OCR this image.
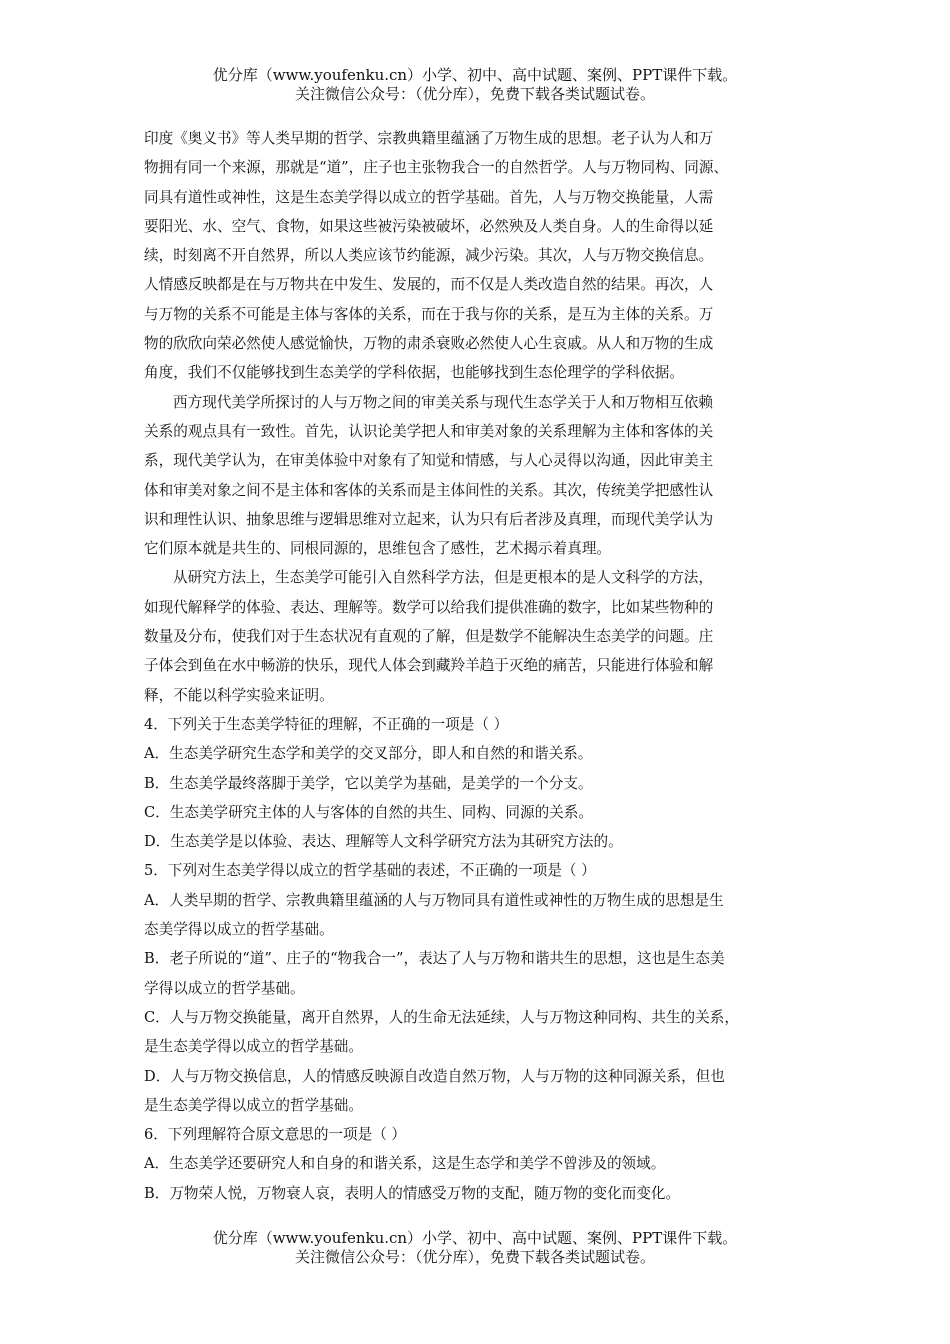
优分库（www.youfenku.cn）小学、初中、高中试题、案例、PPT课件下载。
关注微信公众号：（优分库），免费下载各类试题试卷。

印度《奥义书》等人类早期的哲学、宗教典籍里蕴涵了万物生成的思想。老子认为人和万
物拥有同一个来源，那就是“道”，庄子也主张物我合一的自然哲学。人与万物同构、同源、
同具有道性或神性，这是生态美学得以成立的哲学基础。首先，人与万物交换能量，人需
要阳光、水、空气、食物，如果这些被污染被破坏，必然殃及人类自身。人的生命得以延
续，时刻离不开自然界，所以人类应该节约能源，减少污染。其次，人与万物交换信息。
人情感反映都是在与万物共在中发生、发展的，而不仅是人类改造自然的结果。再次，人
与万物的关系不可能是主体与客体的关系，而在于我与你的关系，是互为主体的关系。万
物的欣欣向荣必然使人感觉愉快，万物的肃杀衰败必然使人心生哀戚。从人和万物的生成
角度，我们不仅能够找到生态美学的学科依据，也能够找到生态伦理学的学科依据。

西方现代美学所探讨的人与万物之间的审美关系与现代生态学关于人和万物相互依赖
关系的观点具有一致性。首先，认识论美学把人和审美对象的关系理解为主体和客体的关
系，现代美学认为，在审美体验中对象有了知觉和情感，与人心灵得以沟通，因此审美主
体和审美对象之间不是主体和客体的关系而是主体间性的关系。其次，传统美学把感性认
识和理性认识、抽象思维与逻辑思维对立起来，认为只有后者涉及真理，而现代美学认为
它们原本就是共生的、同根同源的，思维包含了感性，艺术揭示着真理。

从研究方法上，生态美学可能引入自然科学方法，但是更根本的是人文科学的方法，
如现代解释学的体验、表达、理解等。数学可以给我们提供准确的数字，比如某些物种的
数量及分布，使我们对于生态状况有直观的了解，但是数学不能解决生态美学的问题。庄
子体会到鱼在水中畅游的快乐，现代人体会到藏羚羊趋于灭绝的痛苦，只能进行体验和解
释，不能以科学实验来证明。

4．下列关于生态美学特征的理解，不正确的一项是（ ）
A．生态美学研究生态学和美学的交叉部分，即人和自然的和谐关系。
B．生态美学最终落脚于美学，它以美学为基础，是美学的一个分支。
C．生态美学研究主体的人与客体的自然的共生、同构、同源的关系。
D．生态美学是以体验、表达、理解等人文科学研究方法为其研究方法的。

5．下列对生态美学得以成立的哲学基础的表述，不正确的一项是（ ）
A．人类早期的哲学、宗教典籍里蕴涵的人与万物同具有道性或神性的万物生成的思想是生
态美学得以成立的哲学基础。
B．老子所说的“道”、庄子的“物我合一”，表达了人与万物和谐共生的思想，这也是生态美
学得以成立的哲学基础。
C．人与万物交换能量，离开自然界，人的生命无法延续，人与万物这种同构、共生的关系，
是生态美学得以成立的哲学基础。
D．人与万物交换信息，人的情感反映源自改造自然万物，人与万物的这种同源关系，但也
是生态美学得以成立的哲学基础。

6．下列理解符合原文意思的一项是（ ）
A．生态美学还要研究人和自身的和谐关系，这是生态学和美学不曾涉及的领域。
B．万物荣人悦，万物衰人哀，表明人的情感受万物的支配，随万物的变化而变化。

优分库（www.youfenku.cn）小学、初中、高中试题、案例、PPT课件下载。
关注微信公众号：（优分库），免费下载各类试题试卷。
